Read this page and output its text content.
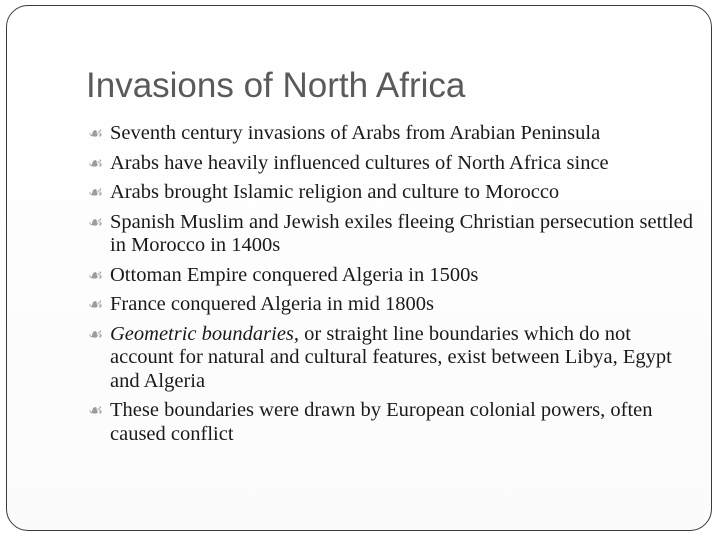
Invasions of North Africa
☙
Seventh century invasions of Arabs from Arabian Peninsula
☙
Arabs have heavily influenced cultures of North Africa since
☙
Arabs brought Islamic religion and culture to Morocco
☙
Spanish Muslim and Jewish exiles fleeing Christian persecution settled in Morocco in 1400s
☙
Ottoman Empire conquered Algeria in 1500s
☙
France conquered Algeria in mid 1800s
☙
Geometric boundaries, or straight line boundaries which do not account for natural and cultural features, exist between Libya, Egypt and Algeria
☙
These boundaries were drawn by European colonial powers, often caused conflict
